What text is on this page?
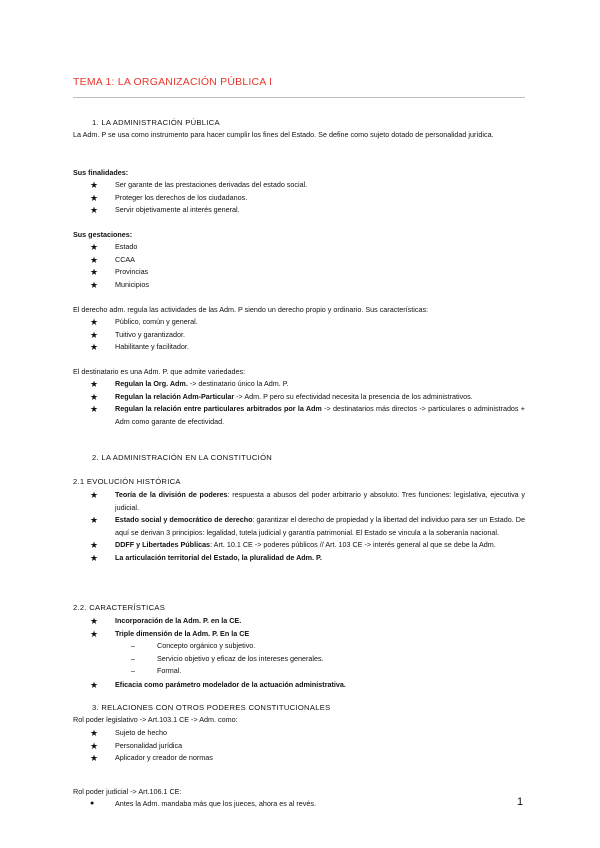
TEMA 1: LA ORGANIZACIÓN PÚBLICA I
1. LA ADMINISTRACIÓN PÚBLICA
La Adm. P se usa como instrumento para hacer cumplir los fines del Estado. Se define como sujeto dotado de personalidad jurídica.
Sus finalidades:
★ Ser garante de las prestaciones derivadas del estado social.
★ Proteger los derechos de los ciudadanos.
★ Servir objetivamente al interés general.
Sus gestaciones:
★ Estado
★ CCAA
★ Provincias
★ Municipios
El derecho adm. regula las actividades de las Adm. P siendo un derecho propio y ordinario. Sus características:
★ Público, común y general.
★ Tuitivo y garantizador.
★ Habilitante y facilitador.
El destinatario es una Adm. P. que admite variedades:
★ Regulan la Org. Adm. -> destinatario único la Adm. P.
★ Regulan la relación Adm-Particular -> Adm. P pero su efectividad necesita la presencia de los administrativos.
★ Regulan la relación entre particulares arbitrados por la Adm -> destinatarios más directos -> particulares o administrados + Adm como garante de efectividad.
2. LA ADMINISTRACIÓN EN LA CONSTITUCIÓN
2.1 EVOLUCIÓN HISTÓRICA
★ Teoría de la división de poderes: respuesta a abusos del poder arbitrario y absoluto. Tres funciones: legislativa, ejecutiva y judicial.
★ Estado social y democrático de derecho: garantizar el derecho de propiedad y la libertad del individuo para ser un Estado. De aquí se derivan 3 principios: legalidad, tutela judicial y garantía patrimonial. El Estado se vincula a la soberanía nacional.
★ DDFF y Libertades Públicas: Art. 10.1 CE -> poderes públicos // Art. 103 CE -> interés general al que se debe la Adm.
★ La articulación territorial del Estado, la pluralidad de Adm. P.
2.2. CARACTERÍSTICAS
★ Incorporación de la Adm. P. en la CE.
★ Triple dimensión de la Adm. P. En la CE
–	Concepto orgánico y subjetivo.
–	Servicio objetivo y eficaz de los intereses generales.
–	Formal.
★ Eficacia como parámetro modelador de la actuación administrativa.
3. RELACIONES CON OTROS PODERES CONSTITUCIONALES
Rol poder legislativo -> Art.103.1 CE -> Adm. como:
★ Sujeto de hecho
★ Personalidad jurídica
★ Aplicador y creador de normas
Rol poder judicial -> Art.106.1 CE:
●	Antes la Adm. mandaba más que los jueces, ahora es al revés.	1
